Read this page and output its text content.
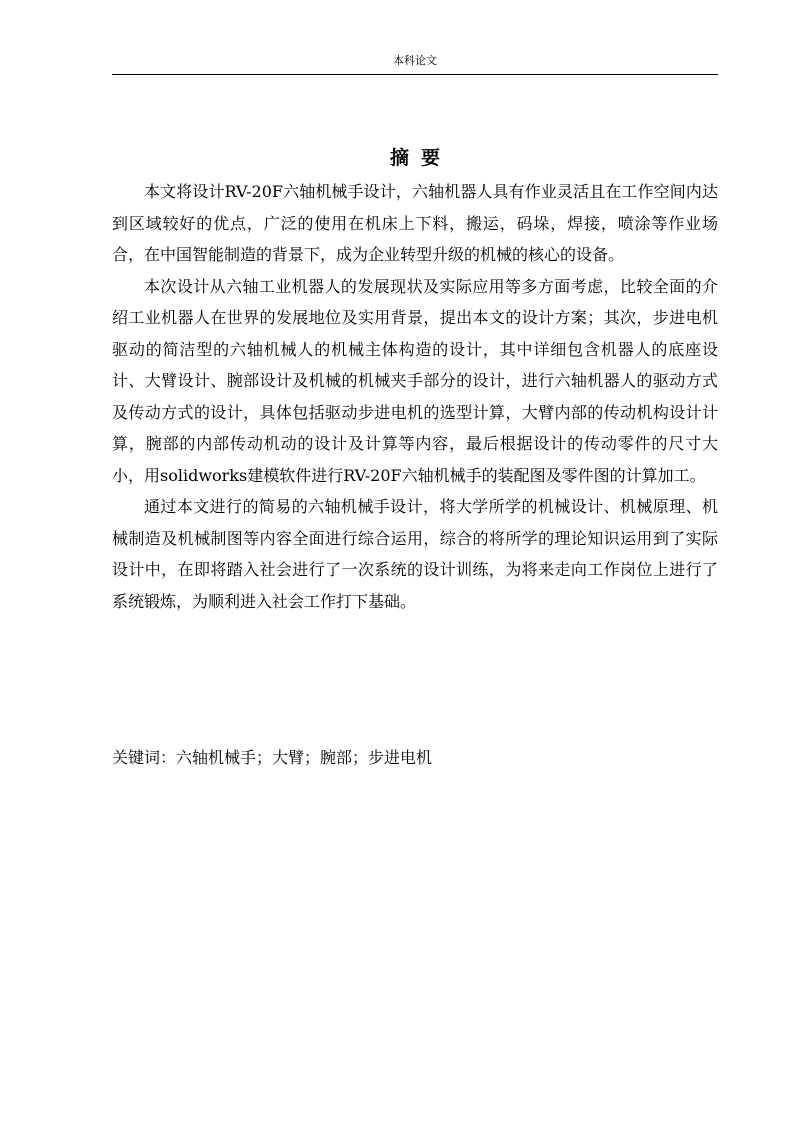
本科论文
摘要

本文将设计RV-20F六轴机械手设计，六轴机器人具有作业灵活且在工作空间内达到区域较好的优点，广泛的使用在机床上下料，搬运，码垛，焊接，喷涂等作业场合，在中国智能制造的背景下，成为企业转型升级的机械的核心的设备。

本次设计从六轴工业机器人的发展现状及实际应用等多方面考虑，比较全面的介绍工业机器人在世界的发展地位及实用背景，提出本文的设计方案；其次，步进电机驱动的简洁型的六轴机械人的机械主体构造的设计，其中详细包含机器人的底座设计、大臂设计、腕部设计及机械的机械夹手部分的设计，进行六轴机器人的驱动方式及传动方式的设计，具体包括驱动步进电机的选型计算，大臂内部的传动机构设计计算，腕部的内部传动机动的设计及计算等内容，最后根据设计的传动零件的尺寸大小，用solidworks建模软件进行RV-20F六轴机械手的装配图及零件图的计算加工。

通过本文进行的简易的六轴机械手设计，将大学所学的机械设计、机械原理、机械制造及机械制图等内容全面进行综合运用，综合的将所学的理论知识运用到了实际设计中，在即将踏入社会进行了一次系统的设计训练，为将来走向工作岗位上进行了系统锻炼，为顺利进入社会工作打下基础。

关键词：六轴机械手；大臂；腕部；步进电机
